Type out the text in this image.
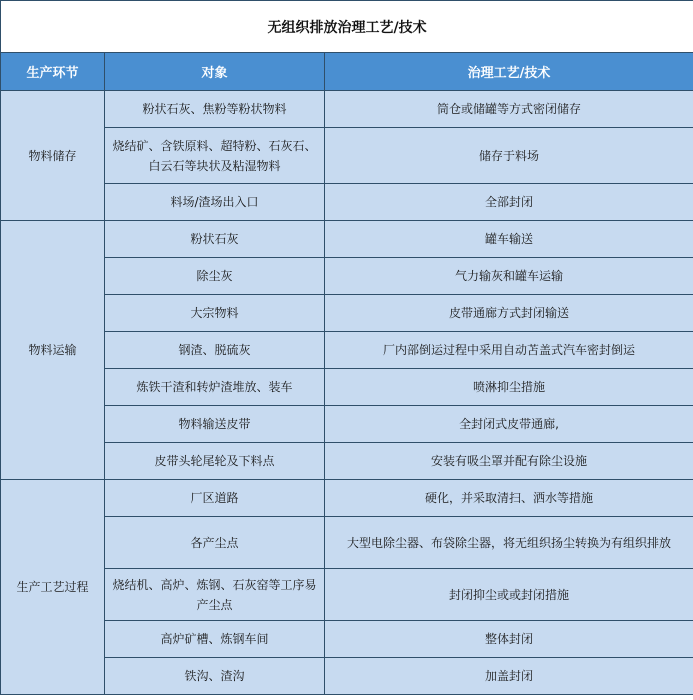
无组织排放治理工艺/技术		
生产环节	对象	治理工艺/技术
物料储存	粉状石灰、焦粉等粉状物料	筒仓或储罐等方式密闭储存
	烧结矿、含铁原料、超特粉、石灰石、白云石等块状及粘湿物料	储存于料场
	料场/渣场出入口	全部封闭
物料运输	粉状石灰	罐车输送
	除尘灰	气力输灰和罐车运输
	大宗物料	皮带通廊方式封闭输送
	钢渣、脱硫灰	厂内部倒运过程中采用自动苫盖式汽车密封倒运
	炼铁干渣和转炉渣堆放、装车	喷淋抑尘措施
	物料输送皮带	全封闭式皮带通廊,
	皮带头轮尾轮及下料点	安装有吸尘罩并配有除尘设施
生产工艺过程	厂区道路	硬化，并采取清扫、洒水等措施
	各产尘点	大型电除尘器、布袋除尘器，将无组织扬尘转换为有组织排放
	烧结机、高炉、炼钢、石灰窑等工序易产尘点	封闭抑尘或或封闭措施
	高炉矿槽、炼钢车间	整体封闭
	铁沟、渣沟	加盖封闭
